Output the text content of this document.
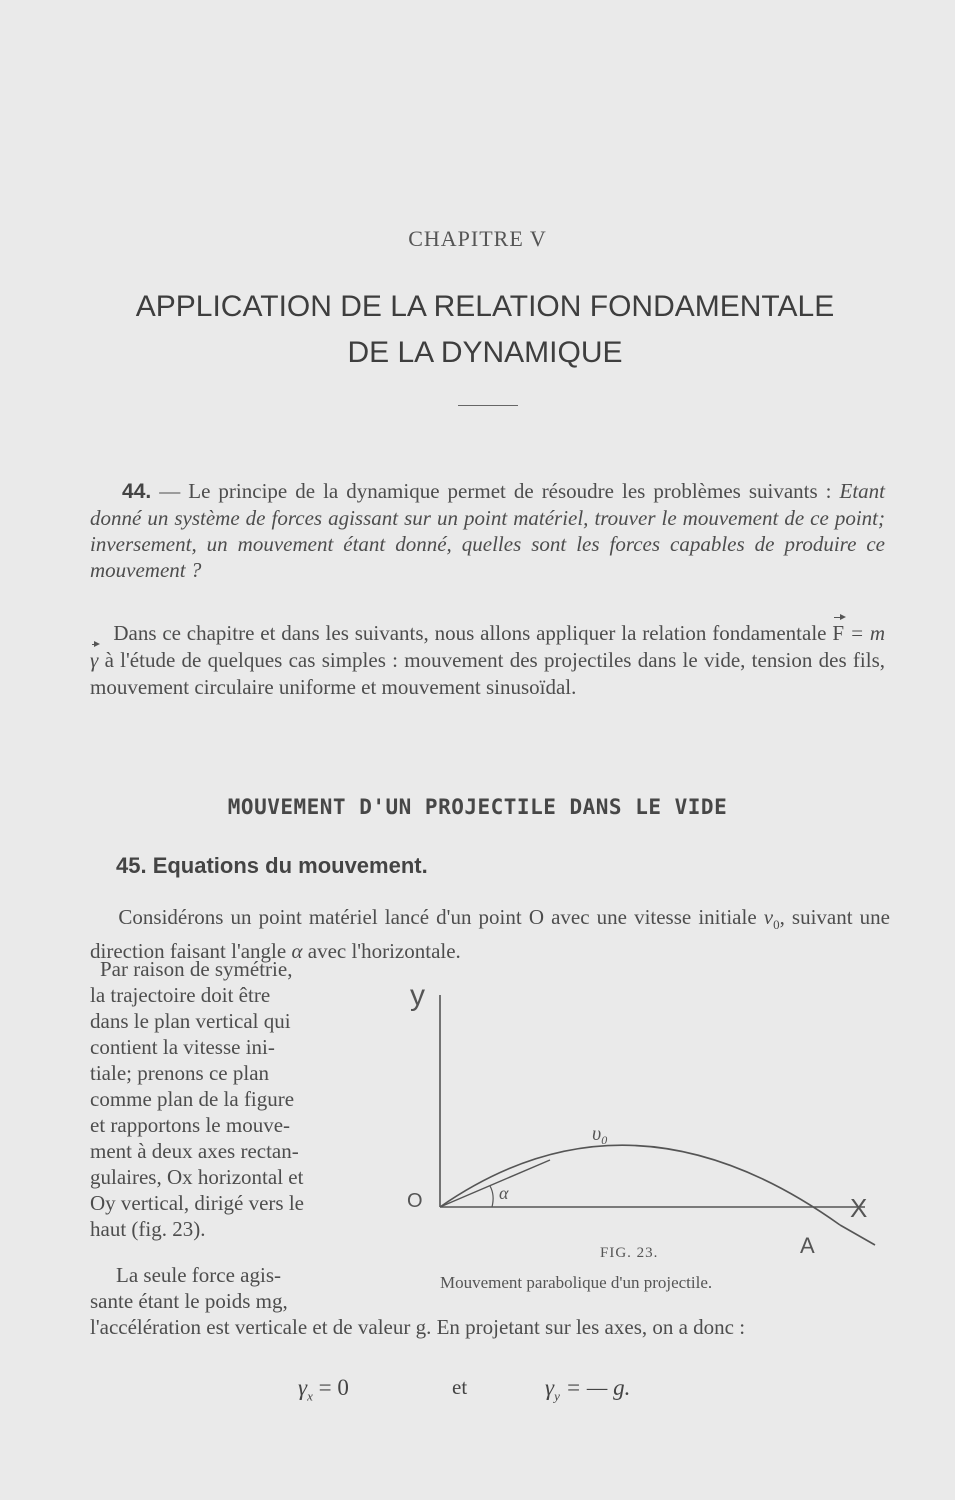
CHAPITRE V
APPLICATION DE LA RELATION FONDAMENTALE
DE LA DYNAMIQUE
44. — Le principe de la dynamique permet de résoudre les problèmes suivants : Etant donné un système de forces agissant sur un point matériel, trouver le mouvement de ce point; inversement, un mouvement étant donné, quelles sont les forces capables de produire ce mouvement ?
Dans ce chapitre et dans les suivants, nous allons appliquer la relation fondamentale F = m γ à l'étude de quelques cas simples : mouvement des projectiles dans le vide, tension des fils, mouvement circulaire uniforme et mouvement sinusoïdal.
MOUVEMENT D'UN PROJECTILE DANS LE VIDE
45. Equations du mouvement.
Considérons un point matériel lancé d'un point O avec une vitesse initiale $v_0$, suivant une direction faisant l'angle α avec l'horizontale.
Par raison de symétrie,
la trajectoire doit être
dans le plan vertical qui
contient la vitesse ini-
tiale; prenons ce plan
comme plan de la figure
et rapportons le mouve-
ment à deux axes rectan-
gulaires, Ox horizontal et
Oy vertical, dirigé vers le
haut (fig. 23).
La seule force agis-
sante étant le poids mg,
y
X
O
A
$\upsilon_0$
α
FIG. 23.
Mouvement parabolique d'un projectile.
l'accélération est verticale et de valeur g. En projetant sur les axes, on a donc :
$\gamma_x = 0$	et	$\gamma_y$ = — g.
